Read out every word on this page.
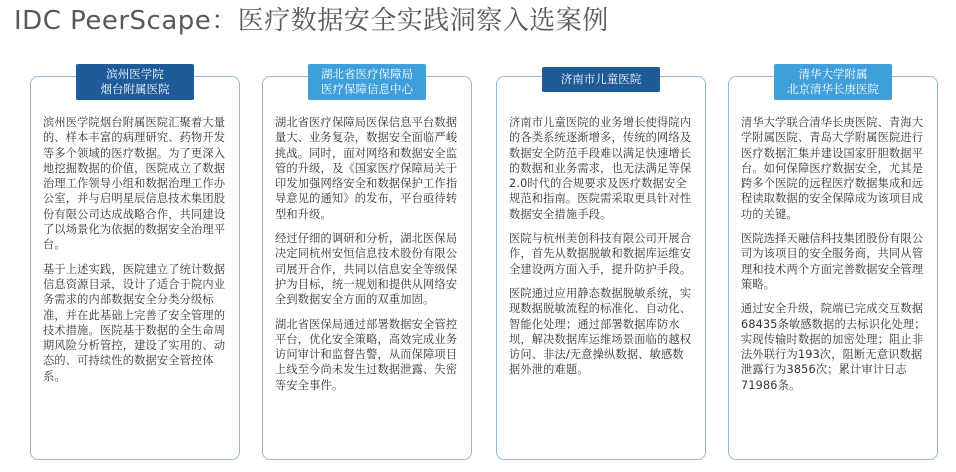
IDC PeerScape：医疗数据安全实践洞察入选案例
滨州医学院
烟台附属医院

滨州医学院烟台附属医院汇聚着大量的、样本丰富的病理研究、药物开发等多个领域的医疗数据。为了更深入地挖掘数据的价值，医院成立了数据治理工作领导小组和数据治理工作办公室，并与启明星辰信息技术集团股份有限公司达成战略合作，共同建设了以场景化为依据的数据安全治理平台。

基于上述实践，医院建立了统计数据信息资源目录，设计了适合于院内业务需求的内部数据安全分类分级标准，并在此基础上完善了安全管理的技术措施。医院基于数据的全生命周期风险分析管控，建设了实用的、动态的、可持续性的数据安全管控体系。

湖北省医疗保障局
医疗保障信息中心

湖北省医疗保障局医保信息平台数据量大、业务复杂，数据安全面临严峻挑战。同时，面对网络和数据安全监管的升级，及《国家医疗保障局关于印发加强网络安全和数据保护工作指导意见的通知》的发布，平台亟待转型和升级。

经过仔细的调研和分析，湖北医保局决定同杭州安恒信息技术股份有限公司展开合作，共同以信息安全等级保护为目标，统一规划和提供从网络安全到数据安全方面的双重加固。

湖北省医保局通过部署数据安全管控平台，优化安全策略，高效完成业务访问审计和监督告警，从而保障项目上线至今尚未发生过数据泄露、失密等安全事件。

济南市儿童医院

济南市儿童医院的业务增长使得院内的各类系统逐渐增多，传统的网络及数据安全防范手段难以满足快速增长的数据和业务需求，也无法满足等保2.0时代的合规要求及医疗数据安全规范和指南。医院需采取更具针对性数据安全措施手段。

医院与杭州美创科技有限公司开展合作，首先从数据脱敏和数据库运维安全建设两方面入手，提升防护手段。

医院通过应用静态数据脱敏系统，实现数据脱敏流程的标准化、自动化、智能化处理；通过部署数据库防水坝，解决数据库运维场景面临的越权访问、非法/无意操纵数据、敏感数据外泄的难题。

清华大学附属
北京清华长庚医院

清华大学联合清华长庚医院、青海大学附属医院、青岛大学附属医院进行医疗数据汇集并建设国家肝胆数据平台。如何保障医疗数据安全，尤其是跨多个医院的远程医疗数据集成和远程读取数据的安全保障成为该项目成功的关键。

医院选择天融信科技集团股份有限公司为该项目的安全服务商，共同从管理和技术两个方面完善数据安全管理策略。

通过安全升级，院端已完成交互数据68435条敏感数据的去标识化处理；实现传输时数据的加密处理；阻止非法外联行为193次，阻断无意识数据泄露行为3856次；累计审计日志71986条。
